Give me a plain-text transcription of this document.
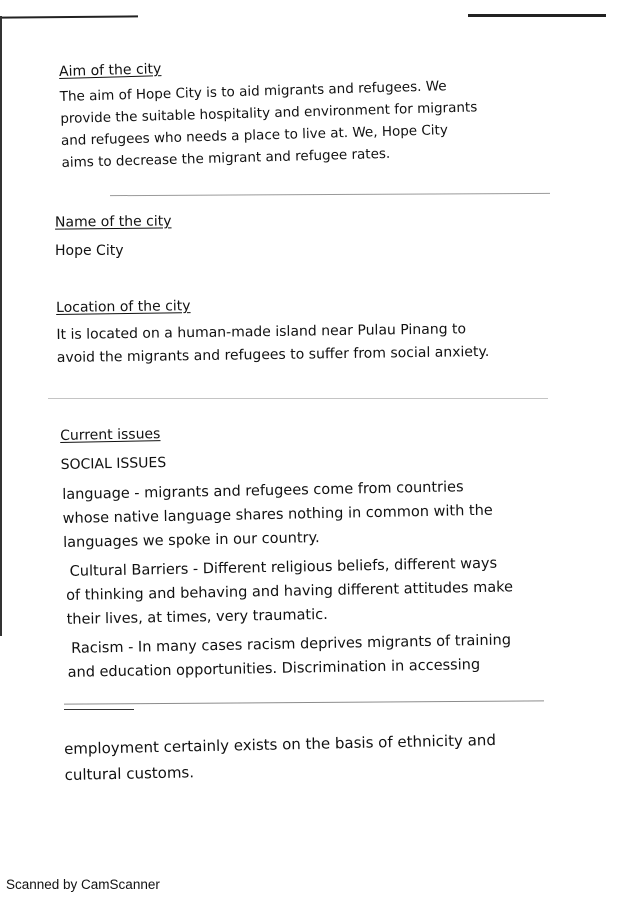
Aim of the city
The aim of Hope City is to aid migrants and refugees. We
provide the suitable hospitality and environment for migrants
and refugees who needs a place to live at. We, Hope City
aims to decrease the migrant and refugee rates.
Name of the city
Hope City
Location of the city
It is located on a human-made island near Pulau Pinang to
avoid the migrants and refugees to suffer from social anxiety.
Current issues
SOCIAL ISSUES
language - migrants and refugees come from countries
whose native language shares nothing in common with the
languages we spoke in our country.
Cultural Barriers - Different religious beliefs, different ways
of thinking and behaving and having different attitudes make
their lives, at times, very traumatic.
Racism - In many cases racism deprives migrants of training
and education opportunities. Discrimination in accessing
employment certainly exists on the basis of ethnicity and
cultural customs.
Scanned by CamScanner
